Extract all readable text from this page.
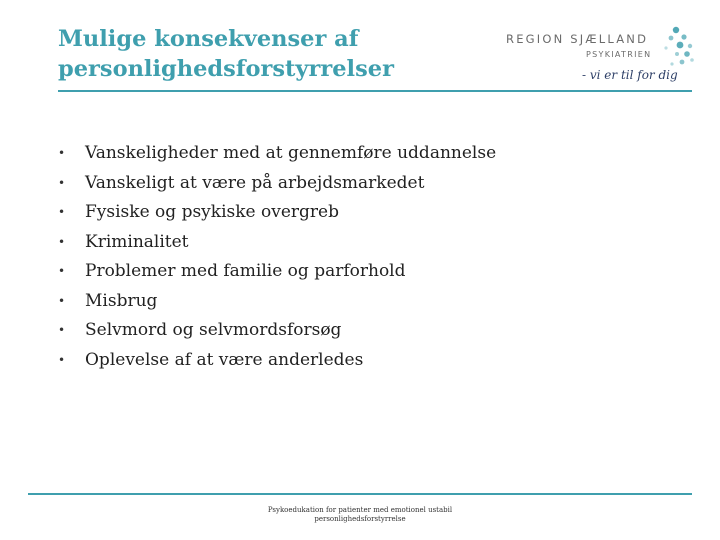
Mulige konsekvenser af
personlighedsforstyrrelser
REGION SJÆLLAND
PSYKIATRIEN
- vi er til for dig
• Vanskeligheder med at gennemføre uddannelse
• Vanskeligt at være på arbejdsmarkedet
• Fysiske og psykiske overgreb
• Kriminalitet
• Problemer med familie og parforhold
• Misbrug
• Selvmord og selvmordsforsøg
• Oplevelse af at være anderledes
Psykoedukation for patienter med emotionel ustabil
personlighedsforstyrrelse
